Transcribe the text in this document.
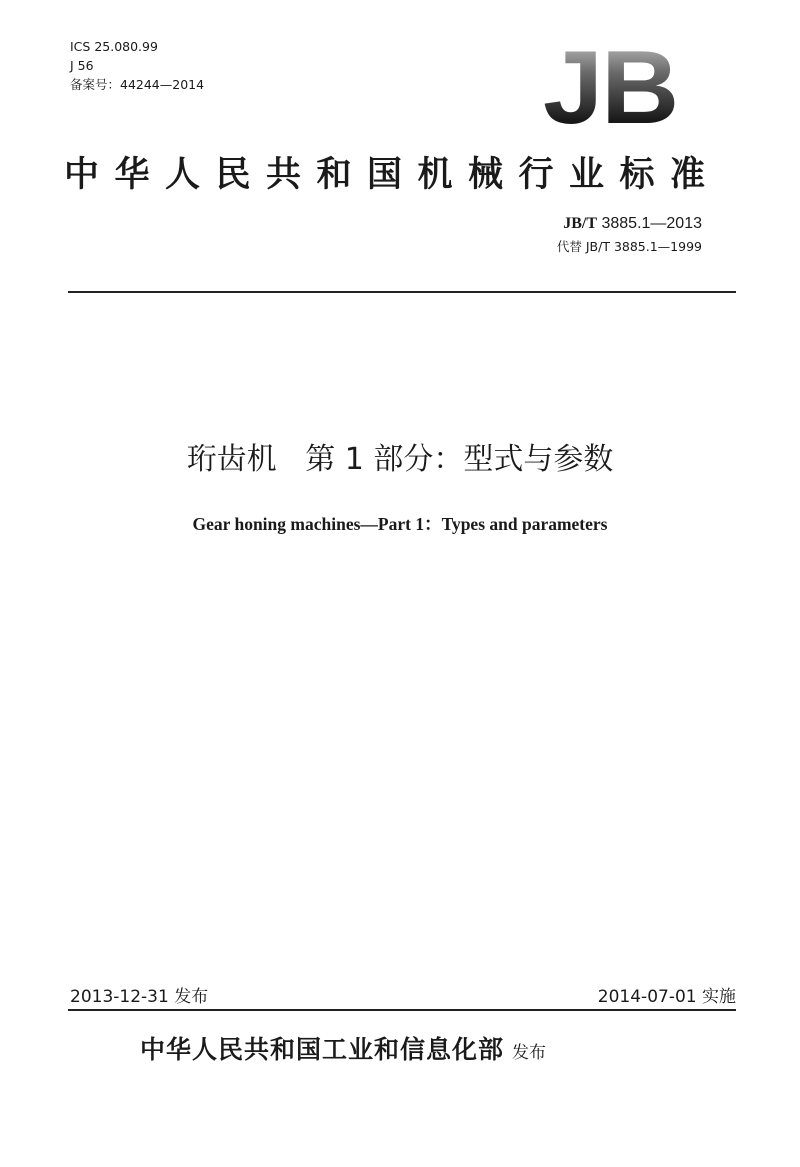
ICS 25.080.99
J 56
备案号：44244—2014	JB
中华人民共和国机械行业标准
JB/T 3885.1—2013
代替 JB/T 3885.1—1999
珩齿机   第 1 部分：型式与参数
Gear honing machines—Part 1：Types and parameters
2013-12-31 发布	2014-07-01 实施
中华人民共和国工业和信息化部 发布
